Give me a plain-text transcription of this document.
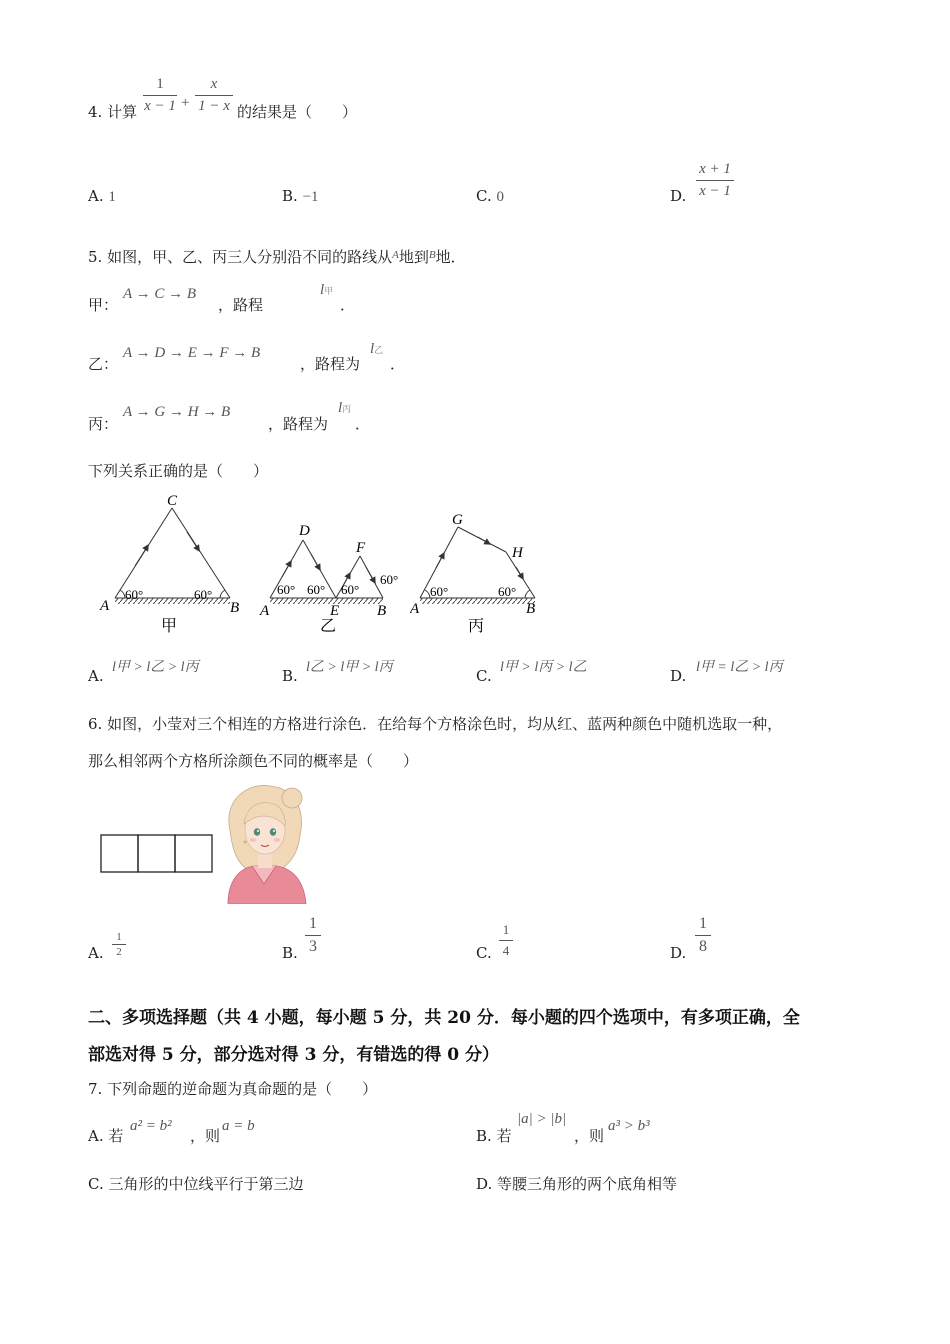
4. 计算 $\frac{1}{x - 1} + \frac{x}{1 - x}$ 的结果是（　　）
A. 1	B. −1	C. 0	D. $\frac{x + 1}{x - 1}$
5. 如图，甲、乙、丙三人分别沿不同的路线从$^A$地到$^B$地．
甲：
A → C → B
，路程
l甲
．
乙：
A → D → E → F → B
，路程为
l乙
．
丙：
A → G → H → B
，路程为
l丙
．
下列关系正确的是（　　）
C
A	B
60°	60°
甲
D
F
A	E	B
60° 60° 60°
60°
乙
G
H
A	B
60°	60°
丙
A. l甲 > l乙 > l丙	B. l乙 > l甲 > l丙	C. l甲 > l丙 > l乙	D. l甲 = l乙 > l丙
6. 如图，小莹对三个相连的方格进行涂色．在给每个方格涂色时，均从红、蓝两种颜色中随机选取一种，
那么相邻两个方格所涂颜色不同的概率是（　　）
A. $\frac{1}{2}$	B. $\frac{1}{3}$	C. $\frac{1}{4}$	D. $\frac{1}{8}$
二、多项选择题（共 4 小题，每小题 5 分，共 20 分．每小题的四个选项中，有多项正确，全
部选对得 5 分，部分选对得 3 分，有错选的得 0 分）
7. 下列命题的逆命题为真命题的是（　　）
A. 若
a² = b²
，则
a = b
B. 若
|a| > |b|
，则
a³ > b³
C. 三角形的中位线平行于第三边	D. 等腰三角形的两个底角相等
